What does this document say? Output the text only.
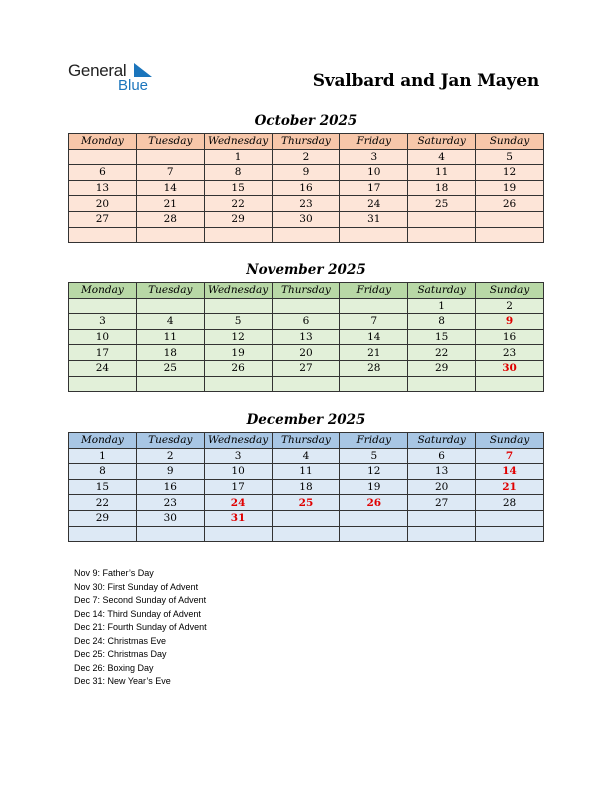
General
Blue	Svalbard and Jan Mayen
October 2025
Monday	Tuesday	Wednesday	Thursday	Friday	Saturday	Sunday
		1	2	3	4	5
6	7	8	9	10	11	12
13	14	15	16	17	18	19
20	21	22	23	24	25	26
27	28	29	30	31		

November 2025
Monday	Tuesday	Wednesday	Thursday	Friday	Saturday	Sunday
					1	2
3	4	5	6	7	8	9
10	11	12	13	14	15	16
17	18	19	20	21	22	23
24	25	26	27	28	29	30

December 2025
Monday	Tuesday	Wednesday	Thursday	Friday	Saturday	Sunday
1	2	3	4	5	6	7
8	9	10	11	12	13	14
15	16	17	18	19	20	21
22	23	24	25	26	27	28
29	30	31				

Nov 9: Father’s Day
Nov 30: First Sunday of Advent
Dec 7: Second Sunday of Advent
Dec 14: Third Sunday of Advent
Dec 21: Fourth Sunday of Advent
Dec 24: Christmas Eve
Dec 25: Christmas Day
Dec 26: Boxing Day
Dec 31: New Year’s Eve
